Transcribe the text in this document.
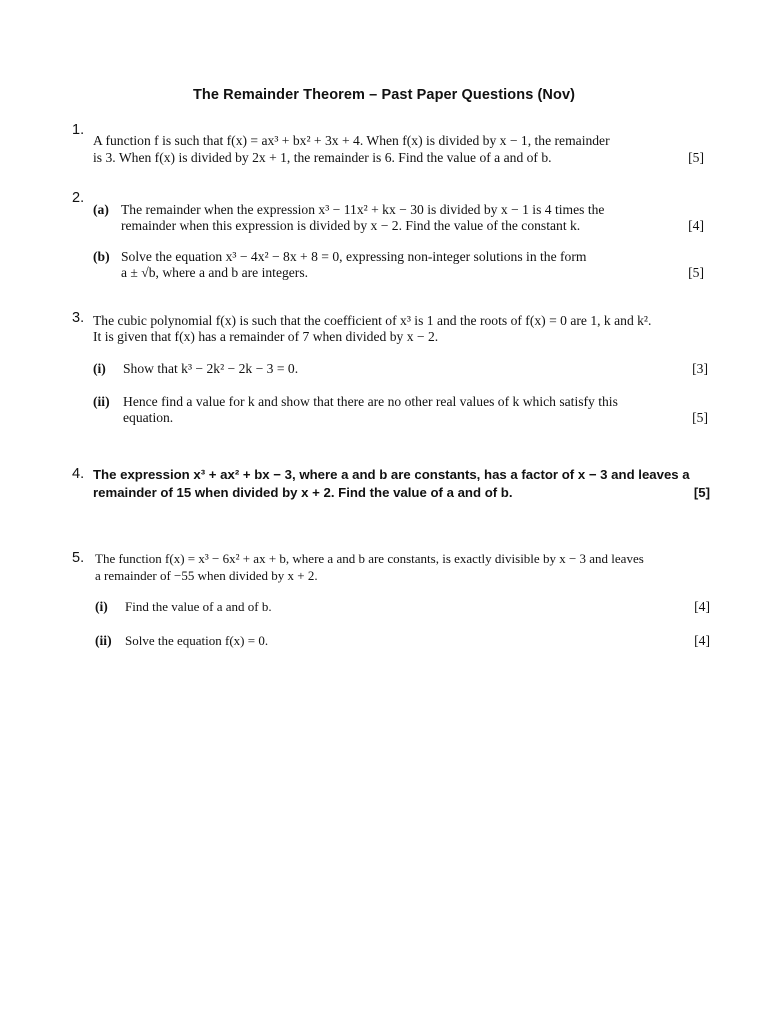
The Remainder Theorem – Past Paper Questions (Nov)
1.
A function f is such that f(x) = ax³ + bx² + 3x + 4. When f(x) is divided by x − 1, the remainder
is 3. When f(x) is divided by 2x + 1, the remainder is 6. Find the value of a and of b.	[5]
2.
(a) The remainder when the expression x³ − 11x² + kx − 30 is divided by x − 1 is 4 times the
remainder when this expression is divided by x − 2. Find the value of the constant k.	[4]
(b) Solve the equation x³ − 4x² − 8x + 8 = 0, expressing non-integer solutions in the form
a ± √b, where a and b are integers.	[5]
3. The cubic polynomial f(x) is such that the coefficient of x³ is 1 and the roots of f(x) = 0 are 1, k and k².
It is given that f(x) has a remainder of 7 when divided by x − 2.
(i) Show that k³ − 2k² − 2k − 3 = 0.	[3]
(ii) Hence find a value for k and show that there are no other real values of k which satisfy this
equation.	[5]
4. The expression x³ + ax² + bx − 3, where a and b are constants, has a factor of x − 3 and leaves a
remainder of 15 when divided by x + 2. Find the value of a and of b.	[5]
5. The function f(x) = x³ − 6x² + ax + b, where a and b are constants, is exactly divisible by x − 3 and leaves
a remainder of −55 when divided by x + 2.
(i) Find the value of a and of b.	[4]
(ii) Solve the equation f(x) = 0.	[4]
